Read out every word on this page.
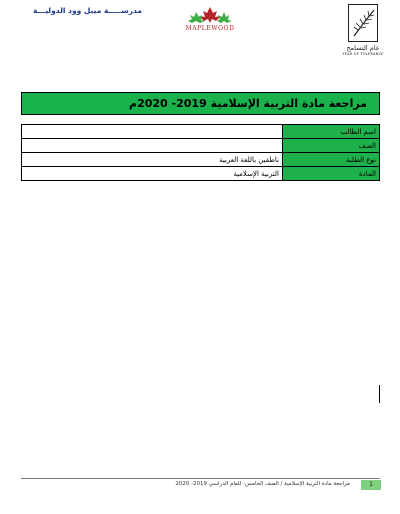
مدرســـــة ميبل وود الدوليـــة
MAPLEWOOD
عام التسامح
YEAR OF TOLERANCE
مراجعة مادة التربية الإسلامية 2019- 2020م
	اسم الطالب
	الصف
ناطقين باللغة العربية	نوع الطلبة
التربية الإسلامية	المادة
مراجعة مادة التربية الإسلامية / الصف الخامس- للعام الدراسي 2019- 2020	1
